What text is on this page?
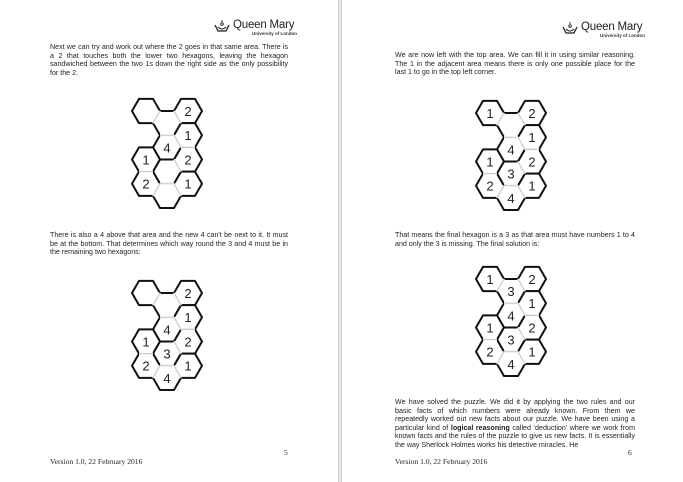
Queen Mary
University of London
Next we can try and work out where the 2 goes in that same area. There is a 2 that touches both the lower two hexagons, leaving the hexagon sandwiched between the two 1s down the right side as the only possibility for the 2.
2
4
1
1	2
2	1
There is also a 4 above that area and the new 4 can't be next to it. It must be at the bottom. That determines which way round the 3 and 4 must be in the remaining two hexagons:
2
4
1
1
3
2
2
4
1
5
Version 1.0, 22 February 2016
Queen Mary
University of London
We are now left with the top area. We can fill it in using similar reasoning. The 1 in the adjacent area means there is only one possible place for the last 1 to go in the top left corner.
1	2
4
1
1
3
2
2
4
1
That means the final hexagon is a 3 as that area must have numbers 1 to 4 and only the 3 is missing. The final solution is:
1
3
2
4
1
1
3
2
2
4
1
We have solved the puzzle. We did it by applying the two rules and our basic facts of which numbers were already known. From them we repeatedly worked out new facts about our puzzle. We have been using a particular kind of logical reasoning called ‘deduction’ where we work from known facts and the rules of the puzzle to give us new facts. It is essentially the way Sherlock Holmes works his detective miracles. He
6
Version 1.0, 22 February 2016
